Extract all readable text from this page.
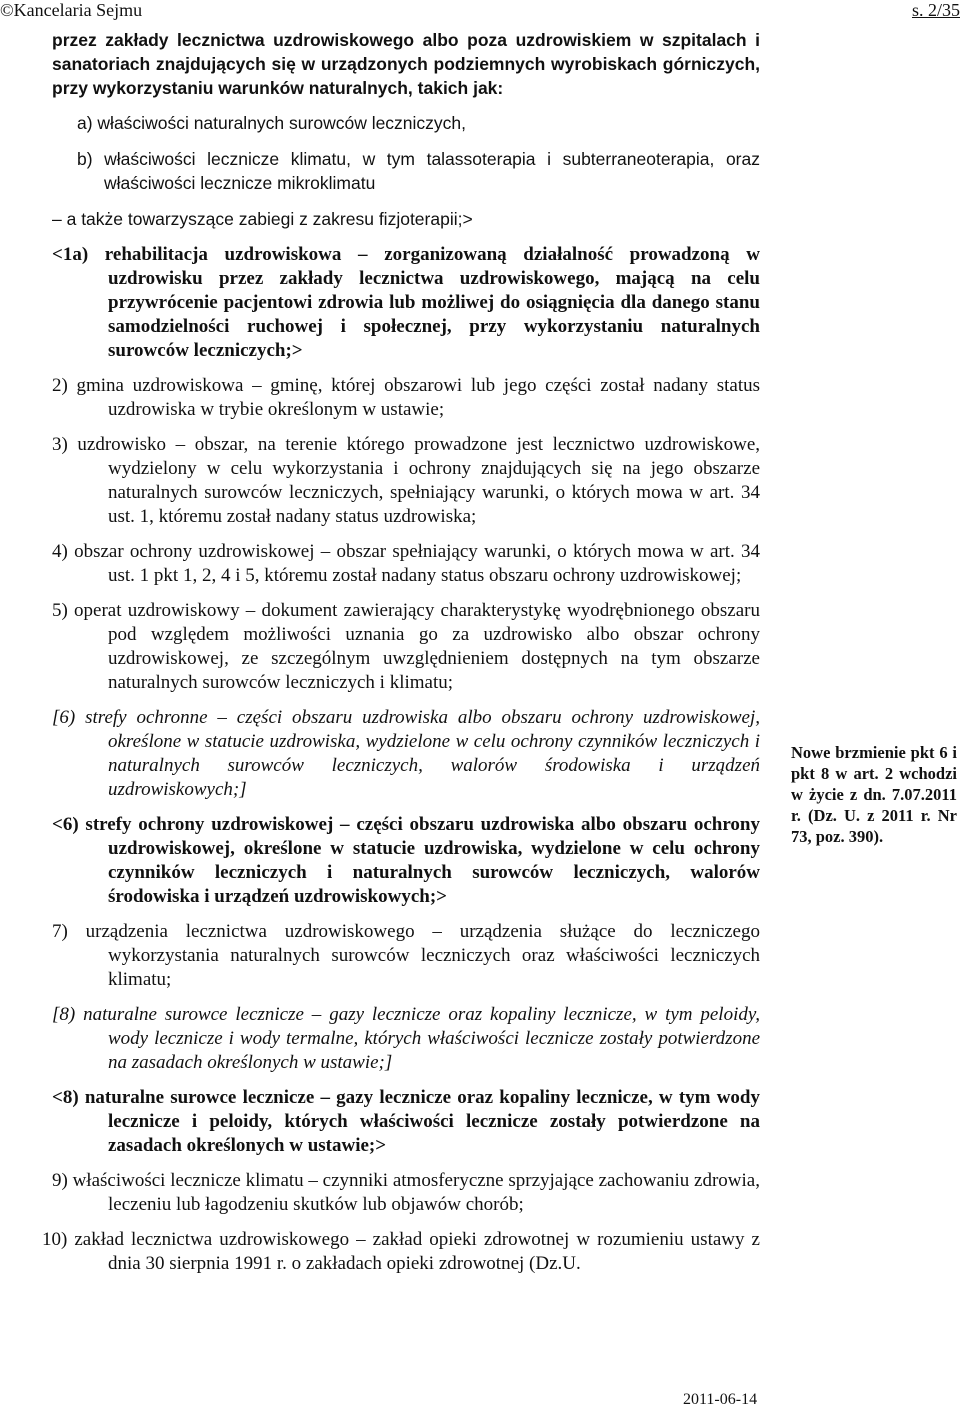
©Kancelaria Sejmu	s. 2/35

przez zakłady lecznictwa uzdrowiskowego albo poza uzdrowiskiem w szpitalach i sanatoriach znajdujących się w urządzonych podziemnych wyrobiskach górniczych, przy wykorzystaniu warunków naturalnych, takich jak:

a) właściwości naturalnych surowców leczniczych,

b) właściwości lecznicze klimatu, w tym talassoterapia i subterraneoterapia, oraz właściwości lecznicze mikroklimatu

– a także towarzyszące zabiegi z zakresu fizjoterapii;>

<1a) rehabilitacja uzdrowiskowa – zorganizowaną działalność prowadzoną w uzdrowisku przez zakłady lecznictwa uzdrowiskowego, mającą na celu przywrócenie pacjentowi zdrowia lub możliwej do osiągnięcia dla danego stanu samodzielności ruchowej i społecznej, przy wykorzystaniu naturalnych surowców leczniczych;>

2) gmina uzdrowiskowa – gminę, której obszarowi lub jego części został nadany status uzdrowiska w trybie określonym w ustawie;

3) uzdrowisko – obszar, na terenie którego prowadzone jest lecznictwo uzdrowiskowe, wydzielony w celu wykorzystania i ochrony znajdujących się na jego obszarze naturalnych surowców leczniczych, spełniający warunki, o których mowa w art. 34 ust. 1, któremu został nadany status uzdrowiska;

4) obszar ochrony uzdrowiskowej – obszar spełniający warunki, o których mowa w art. 34 ust. 1 pkt 1, 2, 4 i 5, któremu został nadany status obszaru ochrony uzdrowiskowej;

5) operat uzdrowiskowy – dokument zawierający charakterystykę wyodrębnionego obszaru pod względem możliwości uznania go za uzdrowisko albo obszar ochrony uzdrowiskowej, ze szczególnym uwzględnieniem dostępnych na tym obszarze naturalnych surowców leczniczych i klimatu;

[6) strefy ochronne – części obszaru uzdrowiska albo obszaru ochrony uzdrowiskowej, określone w statucie uzdrowiska, wydzielone w celu ochrony czynników leczniczych i naturalnych surowców leczniczych, walorów środowiska i urządzeń uzdrowiskowych;]

<6) strefy ochrony uzdrowiskowej – części obszaru uzdrowiska albo obszaru ochrony uzdrowiskowej, określone w statucie uzdrowiska, wydzielone w celu ochrony czynników leczniczych i naturalnych surowców leczniczych, walorów środowiska i urządzeń uzdrowiskowych;>

7) urządzenia lecznictwa uzdrowiskowego – urządzenia służące do leczniczego wykorzystania naturalnych surowców leczniczych oraz właściwości leczniczych klimatu;

[8) naturalne surowce lecznicze – gazy lecznicze oraz kopaliny lecznicze, w tym peloidy, wody lecznicze i wody termalne, których właściwości lecznicze zostały potwierdzone na zasadach określonych w ustawie;]

<8) naturalne surowce lecznicze – gazy lecznicze oraz kopaliny lecznicze, w tym wody lecznicze i peloidy, których właściwości lecznicze zostały potwierdzone na zasadach określonych w ustawie;>

9) właściwości lecznicze klimatu – czynniki atmosferyczne sprzyjające zachowaniu zdrowia, leczeniu lub łagodzeniu skutków lub objawów chorób;

10) zakład lecznictwa uzdrowiskowego – zakład opieki zdrowotnej w rozumieniu ustawy z dnia 30 sierpnia 1991 r. o zakładach opieki zdrowotnej (Dz.U.

Nowe brzmienie pkt 6 i pkt 8 w art. 2 wchodzi w życie z dn. 7.07.2011 r. (Dz. U. z 2011 r. Nr 73, poz. 390).
2011-06-14
